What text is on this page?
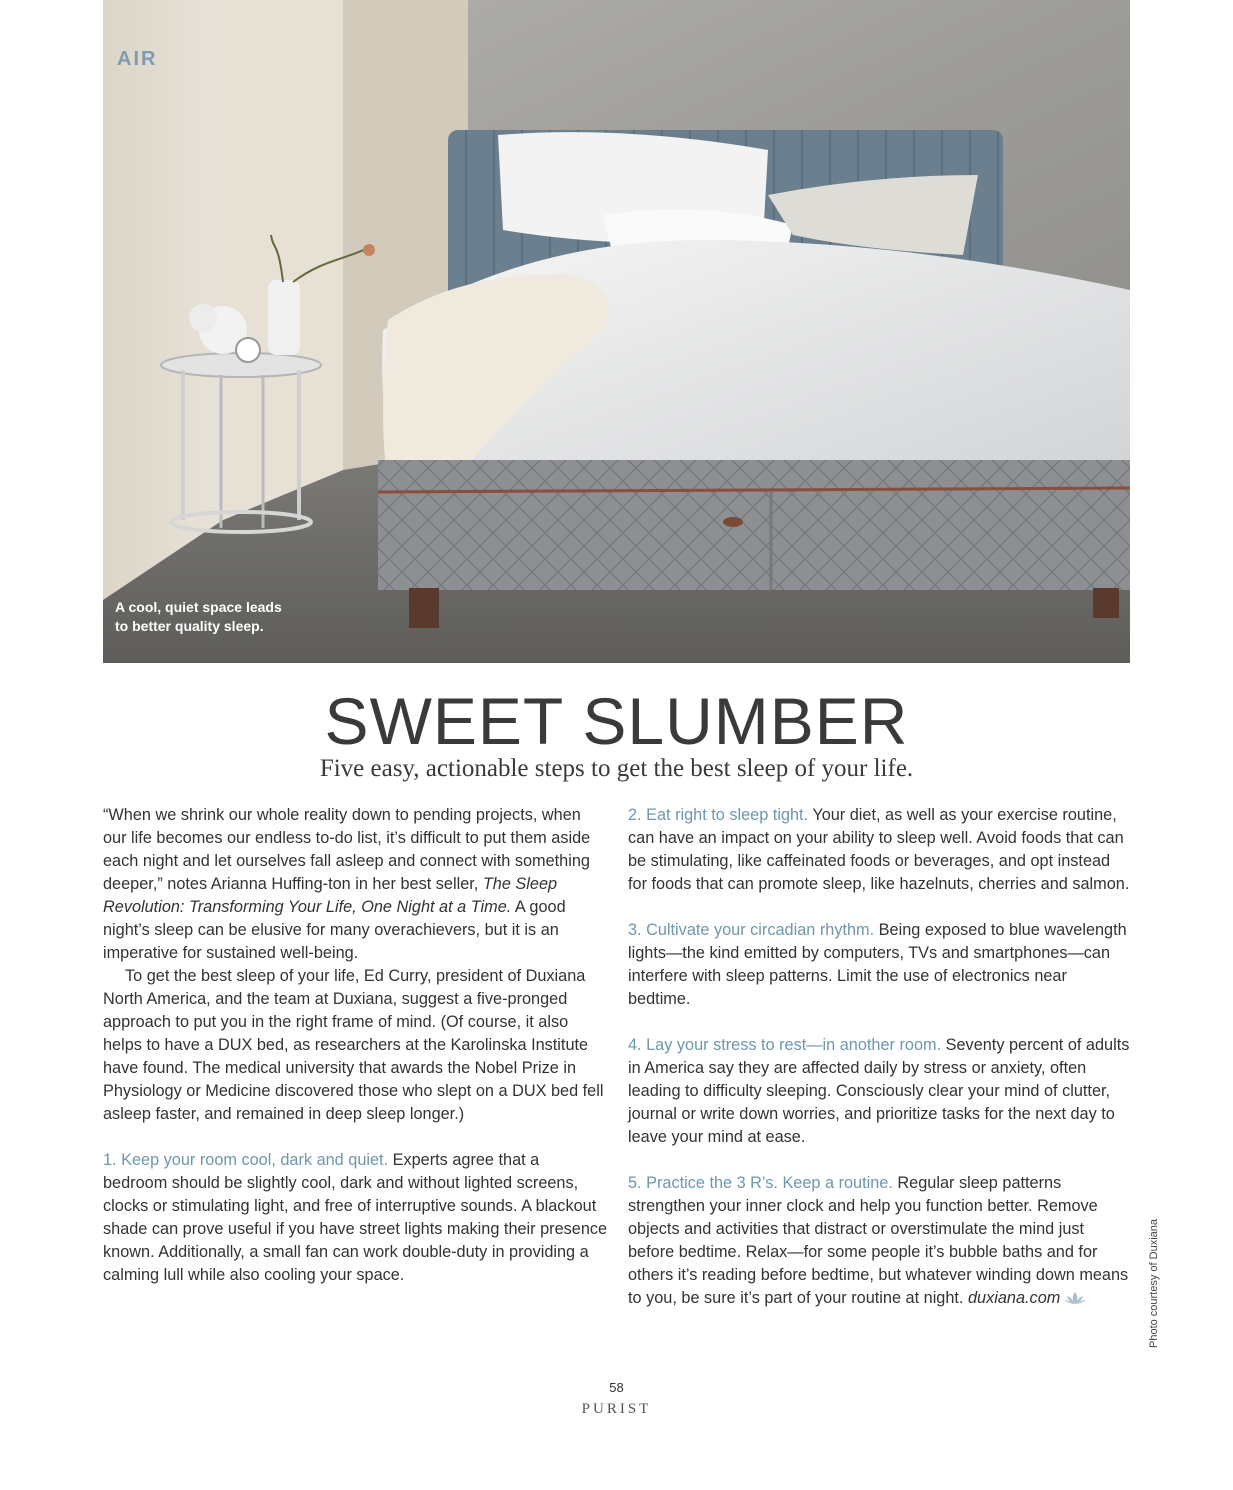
AIR
A cool, quiet space leads to better quality sleep.
SWEET SLUMBER

Five easy, actionable steps to get the best sleep of your life.

“When we shrink our whole reality down to pending projects, when our life becomes our endless to-do list, it’s difficult to put them aside each night and let ourselves fall asleep and connect with something deeper,” notes Arianna Huffing-ton in her best seller, The Sleep Revolution: Transforming Your Life, One Night at a Time. A good night’s sleep can be elusive for many overachievers, but it is an imperative for sustained well-being.

To get the best sleep of your life, Ed Curry, president of Duxiana North America, and the team at Duxiana, suggest a five-pronged approach to put you in the right frame of mind. (Of course, it also helps to have a DUX bed, as researchers at the Karolinska Institute have found. The medical university that awards the Nobel Prize in Physiology or Medicine discovered those who slept on a DUX bed fell asleep faster, and remained in deep sleep longer.)

1. Keep your room cool, dark and quiet. Experts agree that a bedroom should be slightly cool, dark and without lighted screens, clocks or stimulating light, and free of interruptive sounds. A blackout shade can prove useful if you have street lights making their presence known. Additionally, a small fan can work double-duty in providing a calming lull while also cooling your space.

2. Eat right to sleep tight. Your diet, as well as your exercise routine, can have an impact on your ability to sleep well. Avoid foods that can be stimulating, like caffeinated foods or beverages, and opt instead for foods that can promote sleep, like hazelnuts, cherries and salmon.

3. Cultivate your circadian rhythm. Being exposed to blue wavelength lights—the kind emitted by computers, TVs and smartphones—can interfere with sleep patterns. Limit the use of electronics near bedtime.

4. Lay your stress to rest—in another room. Seventy percent of adults in America say they are affected daily by stress or anxiety, often leading to difficulty sleeping. Consciously clear your mind of clutter, journal or write down worries, and prioritize tasks for the next day to leave your mind at ease.

5. Practice the 3 R’s. Keep a routine. Regular sleep patterns strengthen your inner clock and help you function better. Remove objects and activities that distract or overstimulate the mind just before bedtime. Relax—for some people it’s bubble baths and for others it’s reading before bedtime, but whatever winding down means to you, be sure it’s part of your routine at night. duxiana.com	Photo courtesy of Duxiana
58
PURIST
